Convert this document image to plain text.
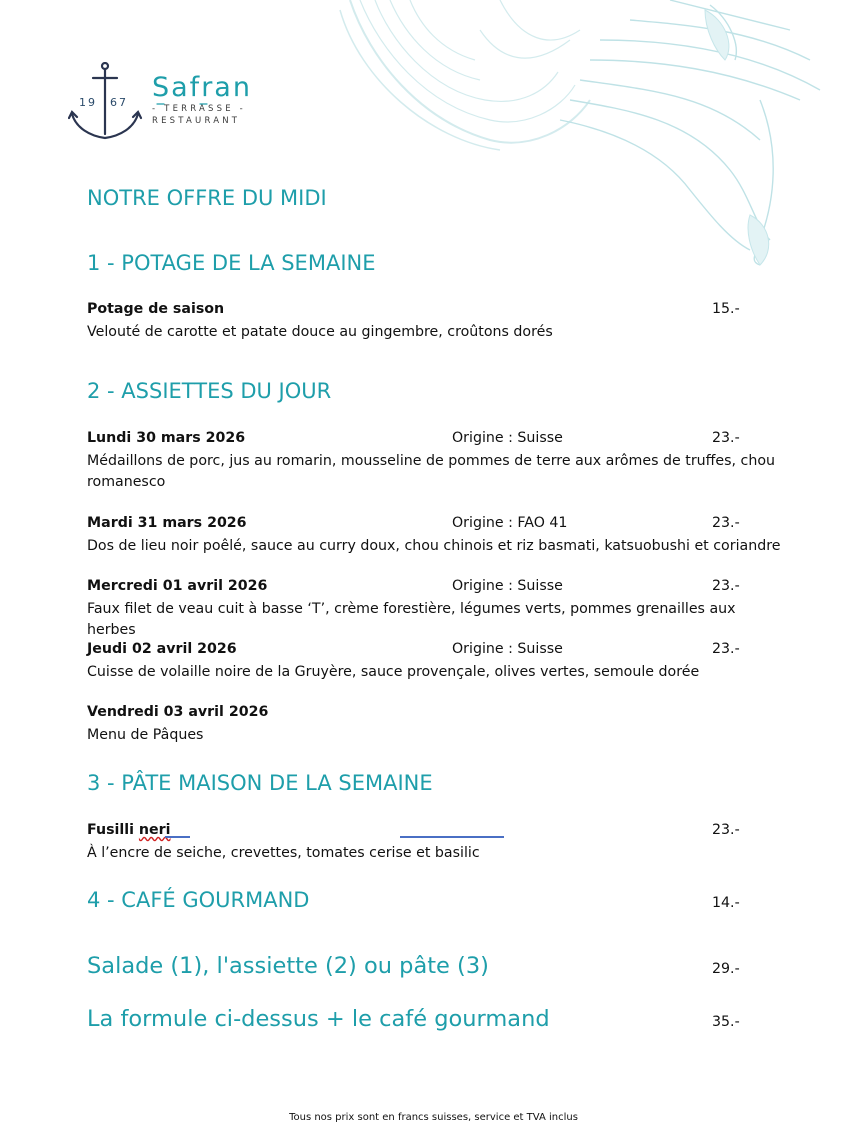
19 67 Safran
- TERRASSE -
RESTAURANT
NOTRE OFFRE DU MIDI
1 - POTAGE DE LA SEMAINE
Potage de saison	15.-
Velouté de carotte et patate douce au gingembre, croûtons dorés
2 - ASSIETTES DU JOUR
Lundi 30 mars 2026	Origine : Suisse	23.-
Médaillons de porc, jus au romarin, mousseline de pommes de terre aux arômes de truffes, chou romanesco
Mardi 31 mars 2026	Origine : FAO 41	23.-
Dos de lieu noir poêlé, sauce au curry doux, chou chinois et riz basmati, katsuobushi et coriandre
Mercredi 01 avril 2026	Origine : Suisse	23.-
Faux filet de veau cuit à basse ‘T’, crème forestière, légumes verts, pommes grenailles aux herbes
Jeudi 02 avril 2026	Origine : Suisse	23.-
Cuisse de volaille noire de la Gruyère, sauce provençale, olives vertes, semoule dorée
Vendredi 03 avril 2026
Menu de Pâques
3 - PÂTE MAISON DE LA SEMAINE
Fusilli neri	23.-
À l’encre de seiche, crevettes, tomates cerise et basilic
4 - CAFÉ GOURMAND	14.-
Salade (1), l'assiette (2) ou pâte (3)	29.-
La formule ci-dessus + le café gourmand	35.-
Tous nos prix sont en francs suisses, service et TVA inclus
